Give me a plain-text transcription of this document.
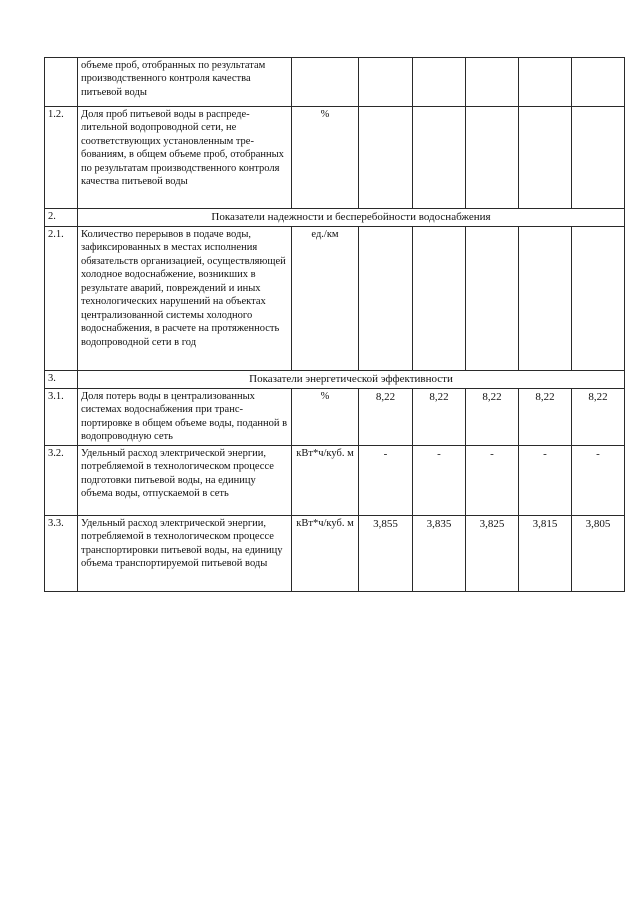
	объеме проб, отобранных по результатам производственного контроля качества питьевой воды						
1.2.	Доля проб питьевой воды в распределительной водопроводной сети, не соответствующих установленным требованиям, в общем объеме проб, отобранных по результатам производственного контроля качества питьевой воды	%					
2.	Показатели надежности и бесперебойности водоснабжения						
2.1.	Количество перерывов в подаче воды, зафиксированных в местах исполнения обязательств организацией, осуществляющей холодное водоснабжение, возникших в результате аварий, повреждений и иных технологических нарушений на объектах централизованной системы холодного водоснабжения, в расчете на протяженность водопроводной сети в год	ед./км					
3.	Показатели энергетической эффективности						
3.1.	Доля потерь воды в централизованных системах водоснабжения при транспортировке в общем объеме воды, поданной в водопроводную сеть	%	8,22	8,22	8,22	8,22	8,22
3.2.	Удельный расход электрической энергии, потребляемой в технологическом процессе подготовки питьевой воды, на единицу объема воды, отпускаемой в сеть	кВт*ч/куб. м	-	-	-	-	-
3.3.	Удельный расход электрической энергии, потребляемой в технологическом процессе транспортировки питьевой воды, на единицу объема транспортируемой питьевой воды	кВт*ч/куб. м	3,855	3,835	3,825	3,815	3,805
